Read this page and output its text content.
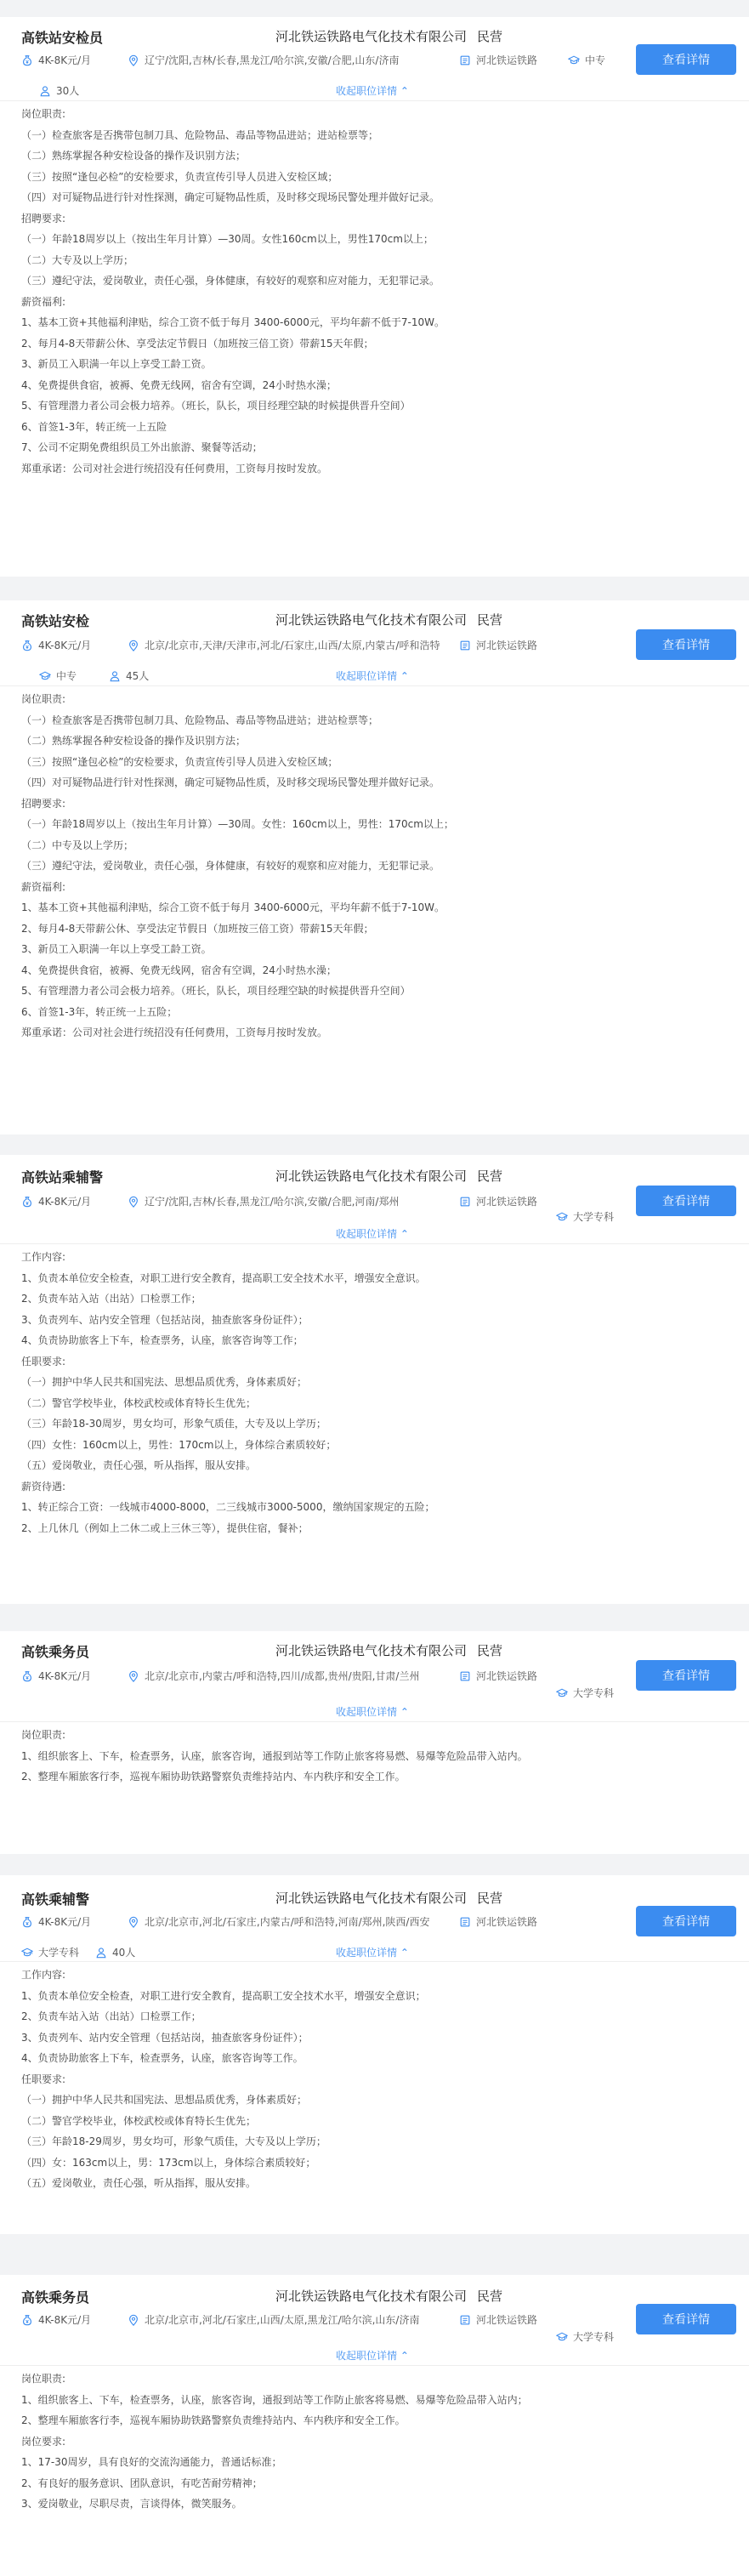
高铁站安检员	河北铁运铁路电气化技术有限公司 民营
4K-8K元/月	辽宁/沈阳,吉林/长春,黑龙江/哈尔滨,安徽/合肥,山东/济南	河北铁运铁路	中专
30人
查看详情
收起职位详情 ⌃
岗位职责:
（一）检查旅客是否携带包制刀具、危险物品、毒品等物品进站；进站检票等；
（二）熟练掌握各种安检设备的操作及识别方法；
（三）按照“逢包必检”的安检要求，负责宣传引导人员进入安检区域；
（四）对可疑物品进行针对性探测，确定可疑物品性质，及时移交现场民警处理并做好记录。
招聘要求:
（一）年龄18周岁以上（按出生年月计算）—30周。女性160cm以上，男性170cm以上；
（二）大专及以上学历；
（三）遵纪守法，爱岗敬业，责任心强，身体健康，有较好的观察和应对能力，无犯罪记录。
薪资福利:
1、基本工资+其他福利津贴，综合工资不低于每月 3400-6000元，平均年薪不低于7-10W。
2、每月4-8天带薪公休、享受法定节假日（加班按三倍工资）带薪15天年假；
3、新员工入职满一年以上享受工龄工资。
4、免费提供食宿，被褥、免费无线网，宿舍有空调，24小时热水澡；
5、有管理潜力者公司会极力培养。（班长，队长，项目经理空缺的时候提供晋升空间）
6、首签1-3年，转正统一上五险
7、公司不定期免费组织员工外出旅游、聚餐等活动；
郑重承诺：公司对社会进行统招没有任何费用，工资每月按时发放。
高铁站安检	河北铁运铁路电气化技术有限公司 民营
4K-8K元/月	北京/北京市,天津/天津市,河北/石家庄,山西/太原,内蒙古/呼和浩特	河北铁运铁路
中专	45人
查看详情
收起职位详情 ⌃
岗位职责:
（一）检查旅客是否携带包制刀具、危险物品、毒品等物品进站；进站检票等；
（二）熟练掌握各种安检设备的操作及识别方法；
（三）按照“逢包必检”的安检要求，负责宣传引导人员进入安检区域；
（四）对可疑物品进行针对性探测，确定可疑物品性质，及时移交现场民警处理并做好记录。
招聘要求:
（一）年龄18周岁以上（按出生年月计算）—30周。女性：160cm以上，男性：170cm以上；
（二）中专及以上学历；
（三）遵纪守法，爱岗敬业，责任心强，身体健康，有较好的观察和应对能力，无犯罪记录。
薪资福利:
1、基本工资+其他福利津贴，综合工资不低于每月 3400-6000元，平均年薪不低于7-10W。
2、每月4-8天带薪公休、享受法定节假日（加班按三倍工资）带薪15天年假；
3、新员工入职满一年以上享受工龄工资。
4、免费提供食宿，被褥、免费无线网，宿舍有空调，24小时热水澡；
5、有管理潜力者公司会极力培养。（班长，队长，项目经理空缺的时候提供晋升空间）
6、首签1-3年，转正统一上五险；
郑重承诺：公司对社会进行统招没有任何费用，工资每月按时发放。
高铁站乘辅警	河北铁运铁路电气化技术有限公司 民营
4K-8K元/月	辽宁/沈阳,吉林/长春,黑龙江/哈尔滨,安徽/合肥,河南/郑州	河北铁运铁路
大学专科
查看详情
收起职位详情 ⌃
工作内容:
1、负责本单位安全检查，对职工进行安全教育，提高职工安全技术水平，增强安全意识。
2、负责车站入站（出站）口检票工作；
3、负责列车、站内安全管理（包括站岗，抽查旅客身份证件）；
4、负责协助旅客上下车，检查票务，认座，旅客咨询等工作；
任职要求:
（一）拥护中华人民共和国宪法、思想品质优秀，身体素质好；
（二）警官学校毕业，体校武校或体育特长生优先；
（三）年龄18-30周岁，男女均可，形象气质佳，大专及以上学历；
（四）女性：160cm以上，男性：170cm以上，身体综合素质较好；
（五）爱岗敬业，责任心强，听从指挥，服从安排。
薪资待遇:
1、转正综合工资：一线城市4000-8000，二三线城市3000-5000，缴纳国家规定的五险；
2、上几休几（例如上二休二或上三休三等），提供住宿，餐补；
高铁乘务员	河北铁运铁路电气化技术有限公司 民营
4K-8K元/月	北京/北京市,内蒙古/呼和浩特,四川/成都,贵州/贵阳,甘肃/兰州	河北铁运铁路
大学专科
查看详情
收起职位详情 ⌃
岗位职责:
1、组织旅客上、下车，检查票务，认座，旅客咨询，通报到站等工作防止旅客将易燃、易爆等危险品带入站内。
2、整理车厢旅客行李，巡视车厢协助铁路警察负责维持站内、车内秩序和安全工作。
高铁乘辅警	河北铁运铁路电气化技术有限公司 民营
4K-8K元/月	北京/北京市,河北/石家庄,内蒙古/呼和浩特,河南/郑州,陕西/西安	河北铁运铁路
大学专科	40人
查看详情
收起职位详情 ⌃
工作内容:
1、负责本单位安全检查，对职工进行安全教育，提高职工安全技术水平，增强安全意识；
2、负责车站入站（出站）口检票工作；
3、负责列车、站内安全管理（包括站岗，抽查旅客身份证件）；
4、负责协助旅客上下车，检查票务，认座，旅客咨询等工作。
任职要求:
（一）拥护中华人民共和国宪法、思想品质优秀，身体素质好；
（二）警官学校毕业，体校武校或体育特长生优先；
（三）年龄18-29周岁，男女均可，形象气质佳，大专及以上学历；
（四）女：163cm以上，男：173cm以上，身体综合素质较好；
（五）爱岗敬业，责任心强，听从指挥，服从安排。
高铁乘务员	河北铁运铁路电气化技术有限公司 民营
4K-8K元/月	北京/北京市,河北/石家庄,山西/太原,黑龙江/哈尔滨,山东/济南	河北铁运铁路
大学专科
查看详情
收起职位详情 ⌃
岗位职责:
1、组织旅客上、下车，检查票务，认座，旅客咨询，通报到站等工作防止旅客将易燃、易爆等危险品带入站内；
2、整理车厢旅客行李，巡视车厢协助铁路警察负责维持站内、车内秩序和安全工作。
岗位要求:
1、17-30周岁，具有良好的交流沟通能力，普通话标准；
2、有良好的服务意识、团队意识，有吃苦耐劳精神；
3、爱岗敬业，尽职尽责，言谈得体，微笑服务。
